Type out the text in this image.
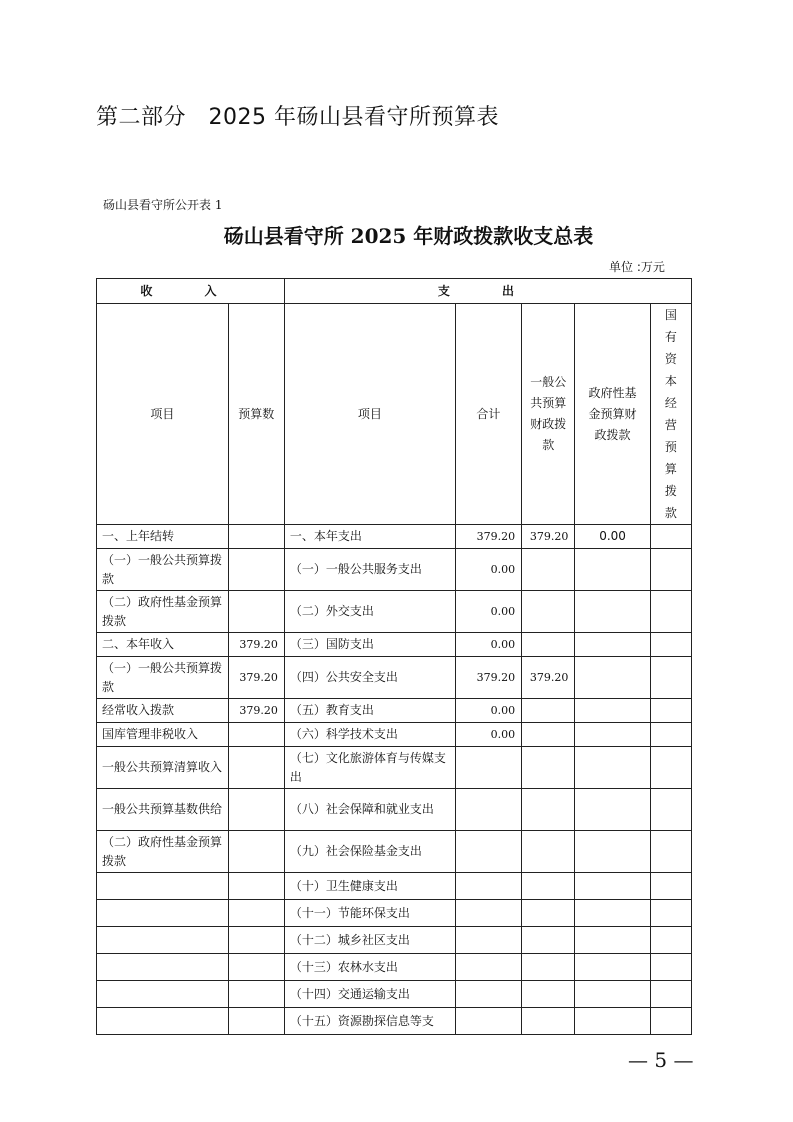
第二部分   2025 年砀山县看守所预算表
砀山县看守所公开表 1
砀山县看守所 2025 年财政拨款收支总表
单位 :万元
收 入		支 出				
项目	预算数	项目	合计	一般公共预算财政拨款	政府性基金预算财政拨款	国有资本经营预算拨款

一、上年结转		一、本年支出	379.20	379.20	0.00	
（一）一般公共预算拨款		（一）一般公共服务支出	0.00			
（二）政府性基金预算拨款		（二）外交支出	0.00			
二、本年收入	379.20	（三）国防支出	0.00			
（一）一般公共预算拨款	379.20	（四）公共安全支出	379.20	379.20		
经常收入拨款	379.20	（五）教育支出	0.00			
国库管理非税收入		（六）科学技术支出	0.00			
一般公共预算清算收入		（七）文化旅游体育与传媒支出				
一般公共预算基数供给		（八）社会保障和就业支出				
（二）政府性基金预算拨款		（九）社会保险基金支出				
		（十）卫生健康支出				
		（十一）节能环保支出				
		（十二）城乡社区支出				
		（十三）农林水支出				
		（十四）交通运输支出				
		（十五）资源勘探信息等支				
— 5 —
